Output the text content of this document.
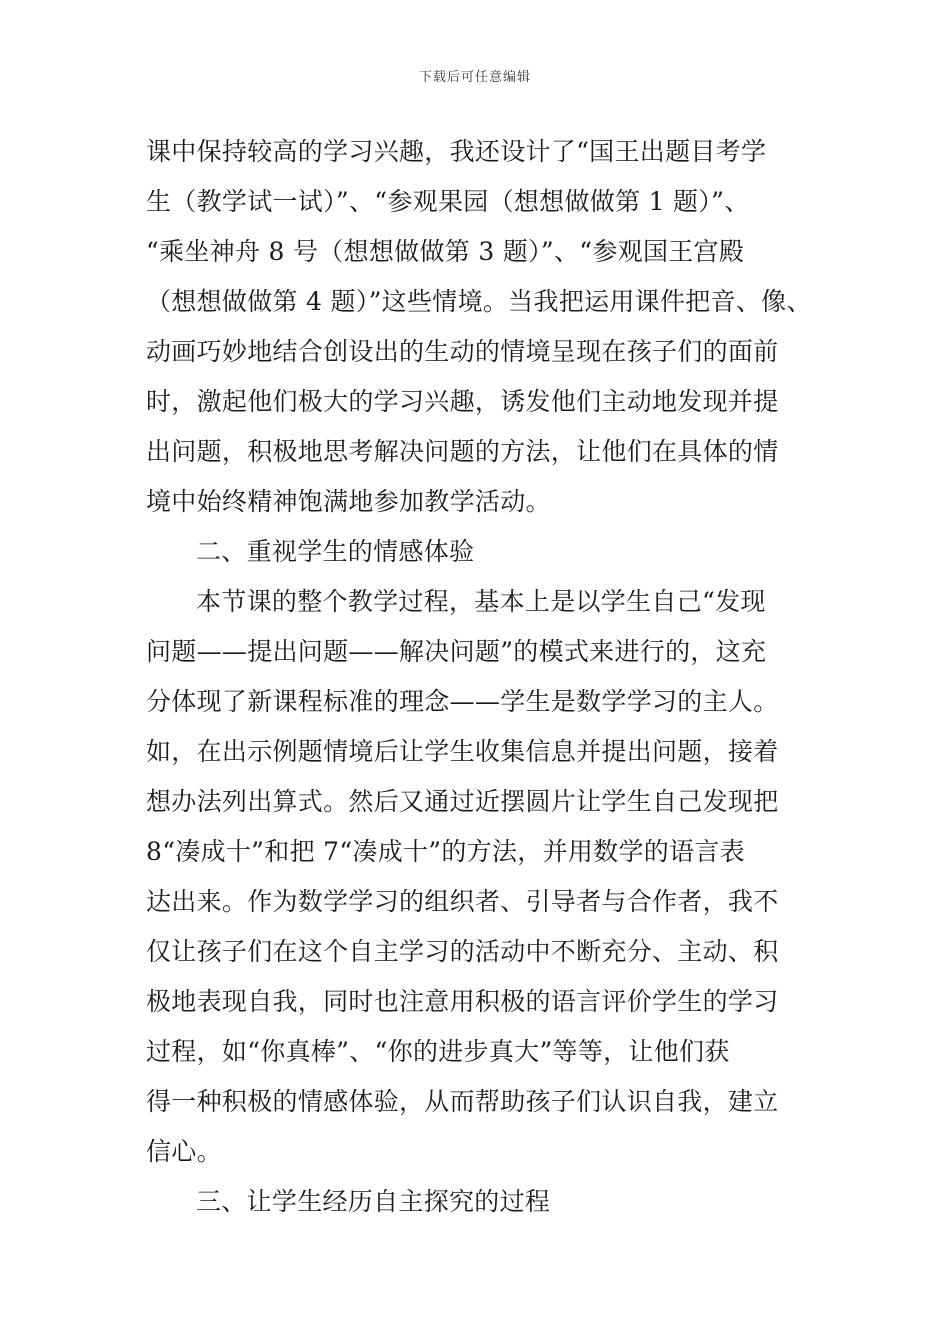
下载后可任意编辑
课中保持较高的学习兴趣，我还设计了“国王出题目考学
生（教学试一试）”、“参观果园（想想做做第 1 题）”、
“乘坐神舟 8 号（想想做做第 3 题）”、“参观国王宫殿
（想想做做第 4 题）”这些情境。当我把运用课件把音、像、
动画巧妙地结合创设出的生动的情境呈现在孩子们的面前
时，激起他们极大的学习兴趣，诱发他们主动地发现并提
出问题，积极地思考解决问题的方法，让他们在具体的情
境中始终精神饱满地参加教学活动。
二、重视学生的情感体验
本节课的整个教学过程，基本上是以学生自己“发现
问题——提出问题——解决问题”的模式来进行的，这充
分体现了新课程标准的理念——学生是数学学习的主人。
如，在出示例题情境后让学生收集信息并提出问题，接着
想办法列出算式。然后又通过近摆圆片让学生自己发现把
8“凑成十”和把 7“凑成十”的方法，并用数学的语言表
达出来。作为数学学习的组织者、引导者与合作者，我不
仅让孩子们在这个自主学习的活动中不断充分、主动、积
极地表现自我，同时也注意用积极的语言评价学生的学习
过程，如“你真棒”、“你的进步真大”等等，让他们获
得一种积极的情感体验，从而帮助孩子们认识自我，建立
信心。
三、让学生经历自主探究的过程
